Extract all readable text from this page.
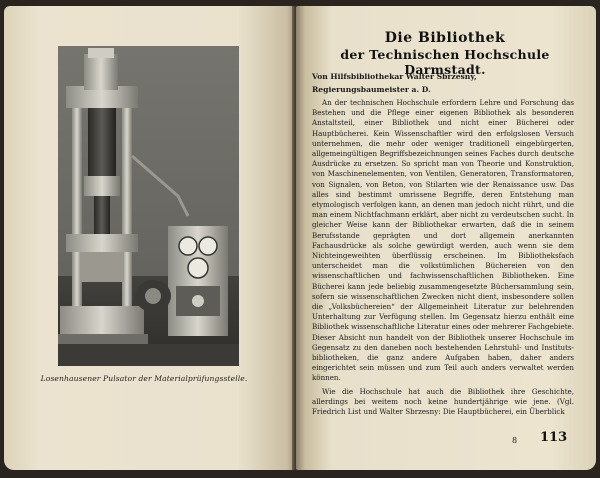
Losenhausener Pulsator der Materialprüfungsstelle.
Die Bibliothek
der Technischen Hochschule Darmstadt.
Von Hilfsbibliothekar Walter Sbrzesny, Regierungsbaumeister a. D.

An der technischen Hochschule erfordern Lehre und Forschung das Bestehen und die Pflege einer eigenen Bibliothek als besonderen Anstaltsteil, einer Bibliothek und nicht einer Bücherei oder Hauptbücherei. Kein Wissenschaftler wird den erfolgslosen Versuch unternehmen, die mehr oder weniger traditionell eingebürgerten, allgemeingültigen Begriffsbezeichnungen seines Faches durch deutsche Ausdrücke zu ersetzen. So spricht man von Theorie und Konstruktion, von Maschinenelementen, von Ventilen, Generatoren, Transformatoren, von Signalen, von Beton, von Stilarten wie der Renaissance usw. Das alles sind bestimmt umrissene Begriffe, deren Entstehung man etymologisch verfolgen kann, an denen man jedoch nicht rührt, und die man einem Nichtfachmann erklärt, aber nicht zu verdeutschen sucht. In gleicher Weise kann der Bibliothekar erwarten, daß die in seinem Berufsstande geprägten und dort allgemein anerkannten Fachausdrücke als solche gewürdigt werden, auch wenn sie dem Nichteingeweihten überflüssig erscheinen. Im Bibliotheksfach unterscheidet man die volkstümlichen Büchereien von den wissenschaftlichen und fachwissenschaftlichen Bibliotheken. Eine Bücherei kann jede beliebig zusammengesetzte Büchersammlung sein, sofern sie wissenschaftlichen Zwecken nicht dient, insbesondere sollen die „Volksbüchereien“ der Allgemeinheit Literatur zur belehrenden Unterhaltung zur Verfügung stellen. Im Gegensatz hierzu enthält eine Bibliothek wissenschaftliche Literatur eines oder mehrerer Fachgebiete. Dieser Absicht nun handelt von der Bibliothek unserer Hochschule im Gegensatz zu den daneben noch bestehenden Lehrstuhl- und Instituts-bibliotheken, die ganz andere Aufgaben haben, daher anders eingerichtet sein müssen und zum Teil auch anders verwaltet werden können.

Wie die Hochschule hat auch die Bibliothek ihre Geschichte, allerdings bei weitem noch keine hundertjährige wie jene. (Vgl. Friedrich List und Walter Sbrzesny: Die Hauptbücherei, ein Überblick

8 113
